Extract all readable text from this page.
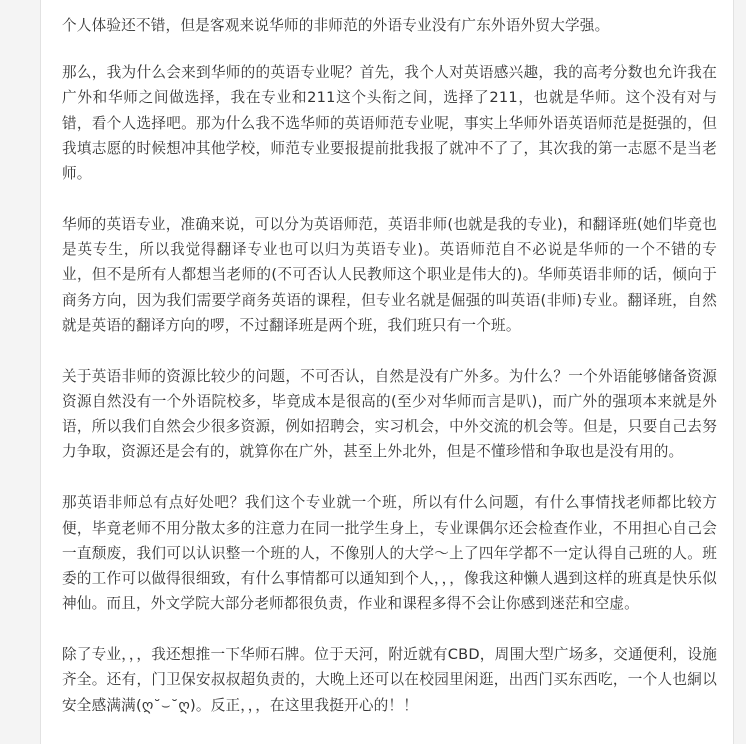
个人体验还不错，但是客观来说华师的非师范的外语专业没有广东外语外贸大学强。

那么，我为什么会来到华师的的英语专业呢？首先，我个人对英语感兴趣，我的高考分数也允许我在广外和华师之间做选择，我在专业和211这个头衔之间，选择了211，也就是华师。这个没有对与错，看个人选择吧。那为什么我不选华师的英语师范专业呢，事实上华师外语英语师范是挺强的，但我填志愿的时候想冲其他学校，师范专业要报提前批我报了就冲不了了，其次我的第一志愿不是当老师。

华师的英语专业，准确来说，可以分为英语师范，英语非师(也就是我的专业)，和翻译班(她们毕竟也是英专生，所以我觉得翻译专业也可以归为英语专业)。英语师范自不必说是华师的一个不错的专业，但不是所有人都想当老师的(不可否认人民教师这个职业是伟大的)。华师英语非师的话，倾向于商务方向，因为我们需要学商务英语的课程，但专业名就是倔强的叫英语(非师)专业。翻译班，自然就是英语的翻译方向的啰，不过翻译班是两个班，我们班只有一个班。

关于英语非师的资源比较少的问题，不可否认，自然是没有广外多。为什么？一个外语能够储备资源资源自然没有一个外语院校多，毕竟成本是很高的(至少对华师而言是叭)，而广外的强项本来就是外语，所以我们自然会少很多资源，例如招聘会，实习机会，中外交流的机会等。但是，只要自己去努力争取，资源还是会有的，就算你在广外，甚至上外北外，但是不懂珍惜和争取也是没有用的。

那英语非师总有点好处吧？我们这个专业就一个班，所以有什么问题，有什么事情找老师都比较方便，毕竟老师不用分散太多的注意力在同一批学生身上，专业课偶尔还会检查作业，不用担心自己会一直颓废，我们可以认识整一个班的人，不像别人的大学～上了四年学都不一定认得自己班的人。班委的工作可以做得很细致，有什么事情都可以通知到个人，，，像我这种懒人遇到这样的班真是快乐似神仙。而且，外文学院大部分老师都很负责，作业和课程多得不会让你感到迷茫和空虚。

除了专业，，，我还想推一下华师石牌。位于天河，附近就有CBD，周围大型广场多，交通便利，设施齐全。还有，门卫保安叔叔超负责的，大晚上还可以在校园里闲逛，出西门买东西吃，一个人也絧以安全感满满(ღ˘⌣˘ღ)。反正，，，在这里我挺开心的！！
